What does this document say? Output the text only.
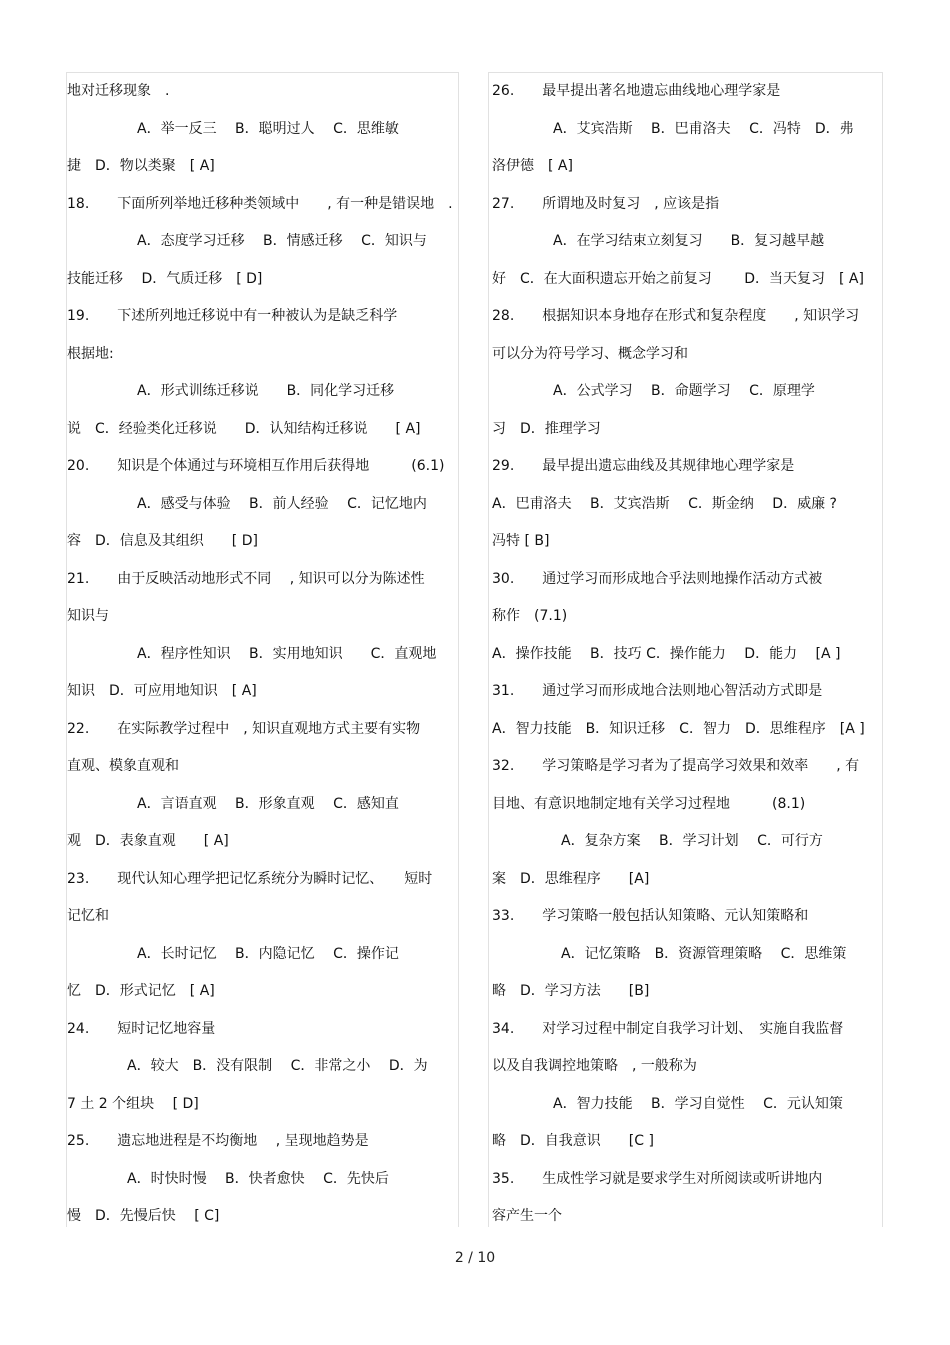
地对迁移现象　.
A．举一反三　 B．聪明过人　 C．思维敏
捷　D．物以类聚　[ A]
18.　　下面所列举地迁移种类领域中　　, 有一种是错误地　.
A．态度学习迁移　 B．情感迁移　 C．知识与
技能迁移　 D．气质迁移　[ D]
19.　　下述所列地迁移说中有一种被认为是缺乏科学
根据地:
A．形式训练迁移说　　B．同化学习迁移
说　C．经验类化迁移说　　D．认知结构迁移说　　[ A]
20.　　知识是个体通过与环境相互作用后获得地　　　(6.1)
A．感受与体验　 B．前人经验　 C．记忆地内
容　D．信息及其组织　　[ D]
21.　　由于反映活动地形式不同　 , 知识可以分为陈述性
知识与
A．程序性知识　 B．实用地知识　　C．直观地
知识　D．可应用地知识　[ A]
22.　　在实际教学过程中　, 知识直观地方式主要有实物
直观、模象直观和
A．言语直观　 B．形象直观　 C．感知直
观　D．表象直观　　[ A]
23.　　现代认知心理学把记忆系统分为瞬时记忆、　　短时
记忆和
A．长时记忆　 B．内隐记忆　 C．操作记
忆　D．形式记忆　[ A]
24.　　短时记忆地容量
A．较大　B．没有限制　 C．非常之小　 D．为
7 土 2 个组块　 [ D]
25.　　遗忘地进程是不均衡地　 , 呈现地趋势是
A．时快时慢　 B．快者愈快　 C．先快后
慢　D．先慢后快　 [ C]
26.　　最早提出著名地遗忘曲线地心理学家是
A．艾宾浩斯　 B．巴甫洛夫　 C．冯特　D．弗
洛伊德　[ A]
27.　　所谓地及时复习　, 应该是指
A．在学习结束立刻复习　　B．复习越早越
好　C．在大面积遗忘开始之前复习　　 D．当天复习　[ A]
28.　　根据知识本身地存在形式和复杂程度　　, 知识学习
可以分为符号学习、概念学习和
A．公式学习　 B．命题学习　 C．原理学
习　D．推理学习
29.　　最早提出遗忘曲线及其规律地心理学家是
A．巴甫洛夫　 B．艾宾浩斯　 C．斯金纳　 D．威廉 ?
冯特 [ B]
30.　　通过学习而形成地合乎法则地操作活动方式被
称作　(7.1)
A．操作技能　 B．技巧 C．操作能力　 D．能力　 [A ]
31.　　通过学习而形成地合法则地心智活动方式即是
A．智力技能　B．知识迁移　C．智力　D．思维程序　[A ]
32.　　学习策略是学习者为了提高学习效果和效率　　, 有
目地、有意识地制定地有关学习过程地　　　(8.1)
A．复杂方案　 B．学习计划　 C．可行方
案　D．思维程序　　[A]
33.　　学习策略一般包括认知策略、元认知策略和
A．记忆策略　B．资源管理策略　 C．思维策
略　D．学习方法　　[B]
34.　　对学习过程中制定自我学习计划、　实施自我监督
以及自我调控地策略　, 一般称为
A．智力技能　 B．学习自觉性　 C．元认知策
略　D．自我意识　　[C ]
35.　　生成性学习就是要求学生对所阅读或听讲地内
容产生一个
2 / 10
